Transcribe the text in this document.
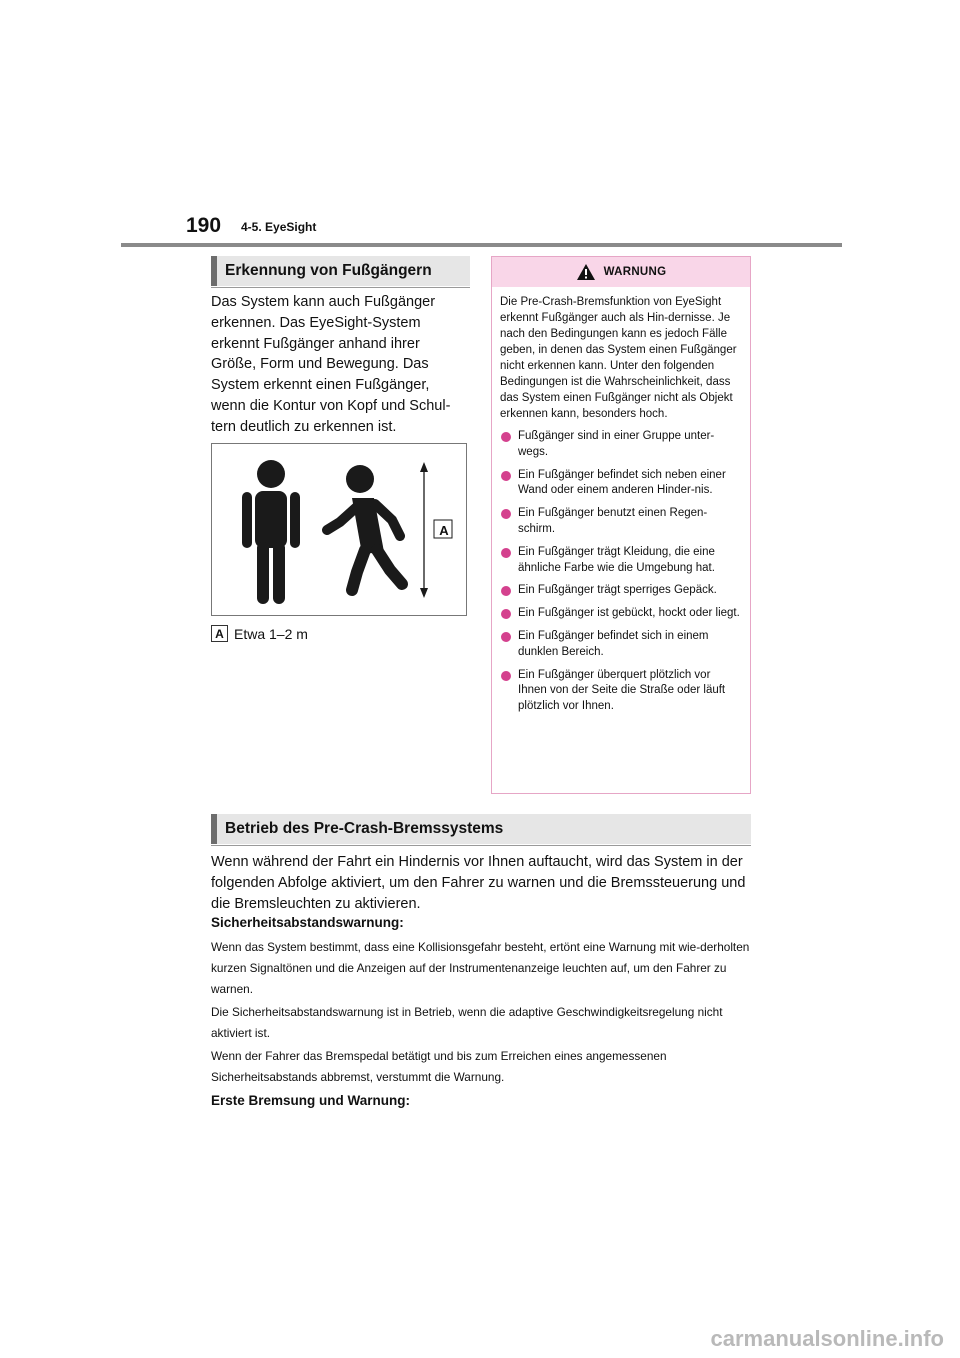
190 4-5. EyeSight
Erkennung von Fußgängern
Das System kann auch Fußgänger erkennen. Das EyeSight-System erkennt Fußgänger anhand ihrer Größe, Form und Bewegung. Das System erkennt einen Fußgänger, wenn die Kontur von Kopf und Schul-tern deutlich zu erkennen ist.
A
A Etwa 1–2 m
WARNUNG
Die Pre-Crash-Bremsfunktion von EyeSight erkennt Fußgänger auch als Hin-dernisse. Je nach den Bedingungen kann es jedoch Fälle geben, in denen das System einen Fußgänger nicht erkennen kann. Unter den folgenden Bedingungen ist die Wahrscheinlichkeit, dass das System einen Fußgänger nicht als Objekt erkennen kann, besonders hoch.
Fußgänger sind in einer Gruppe unter-wegs.
Ein Fußgänger befindet sich neben einer Wand oder einem anderen Hinder-nis.
Ein Fußgänger benutzt einen Regen-schirm.
Ein Fußgänger trägt Kleidung, die eine ähnliche Farbe wie die Umgebung hat.
Ein Fußgänger trägt sperriges Gepäck.
Ein Fußgänger ist gebückt, hockt oder liegt.
Ein Fußgänger befindet sich in einem dunklen Bereich.
Ein Fußgänger überquert plötzlich vor Ihnen von der Seite die Straße oder läuft plötzlich vor Ihnen.
Betrieb des Pre-Crash-Bremssystems
Wenn während der Fahrt ein Hindernis vor Ihnen auftaucht, wird das System in der folgenden Abfolge aktiviert, um den Fahrer zu warnen und die Bremssteuerung und die Bremsleuchten zu aktivieren.
Sicherheitsabstandswarnung:
Wenn das System bestimmt, dass eine Kollisionsgefahr besteht, ertönt eine Warnung mit wie-derholten kurzen Signaltönen und die Anzeigen auf der Instrumentenanzeige leuchten auf, um den Fahrer zu warnen.
Die Sicherheitsabstandswarnung ist in Betrieb, wenn die adaptive Geschwindigkeitsregelung nicht aktiviert ist.
Wenn der Fahrer das Bremspedal betätigt und bis zum Erreichen eines angemessenen Sicherheitsabstands abbremst, verstummt die Warnung.
Erste Bremsung und Warnung:
carmanualsonline.info
